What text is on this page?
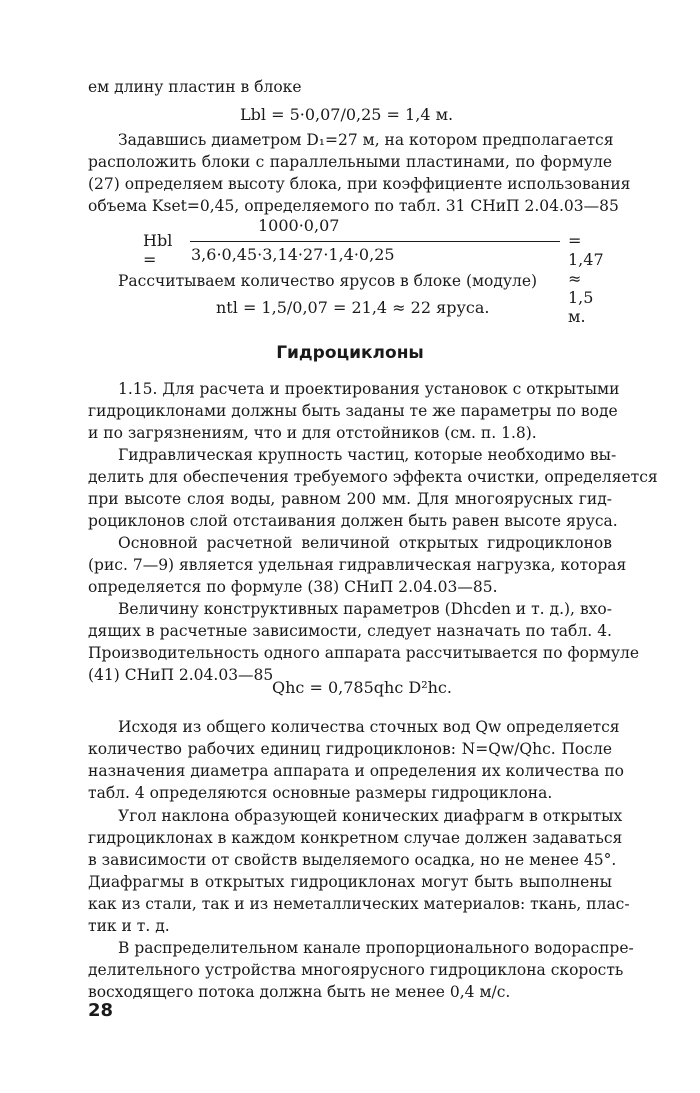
ем длину пластин в блоке
Lbl = 5·0,07/0,25 = 1,4 м.
Задавшись диаметром D₁=27 м, на котором предполагается
расположить блоки с параллельными пластинами, по формуле
(27) определяем высоту блока, при коэффициенте использования
объема Kset=0,45, определяемого по табл. 31 СНиП 2.04.03—85
Hbl =
1000·0,07
3,6·0,45·3,14·27·1,4·0,25
= 1,47 ≈ 1,5 м.
Рассчитываем количество ярусов в блоке (модуле)
ntl = 1,5/0,07 = 21,4 ≈ 22 яруса.
Гидроциклоны
1.15. Для расчета и проектирования установок с открытыми
гидроциклонами должны быть заданы те же параметры по воде
и по загрязнениям, что и для отстойников (см. п. 1.8).
Гидравлическая крупность частиц, которые необходимо вы-
делить для обеспечения требуемого эффекта очистки, определяется
при высоте слоя воды, равном 200 мм. Для многоярусных гид-
роциклонов слой отстаивания должен быть равен высоте яруса.
Основной расчетной величиной открытых гидроциклонов
(рис. 7—9) является удельная гидравлическая нагрузка, которая
определяется по формуле (38) СНиП 2.04.03—85.
Величину конструктивных параметров (Dhcden и т. д.), вхо-
дящих в расчетные зависимости, следует назначать по табл. 4.
Производительность одного аппарата рассчитывается по формуле
(41) СНиП 2.04.03—85
Qhc = 0,785qhc D²hc.
Исходя из общего количества сточных вод Qw определяется
количество рабочих единиц гидроциклонов: N=Qw/Qhc. После
назначения диаметра аппарата и определения их количества по
табл. 4 определяются основные размеры гидроциклона.
Угол наклона образующей конических диафрагм в открытых
гидроциклонах в каждом конкретном случае должен задаваться
в зависимости от свойств выделяемого осадка, но не менее 45°.
Диафрагмы в открытых гидроциклонах могут быть выполнены
как из стали, так и из неметаллических материалов: ткань, плас-
тик и т. д.
В распределительном канале пропорционального водораспре-
делительного устройства многоярусного гидроциклона скорость
восходящего потока должна быть не менее 0,4 м/с.
28
